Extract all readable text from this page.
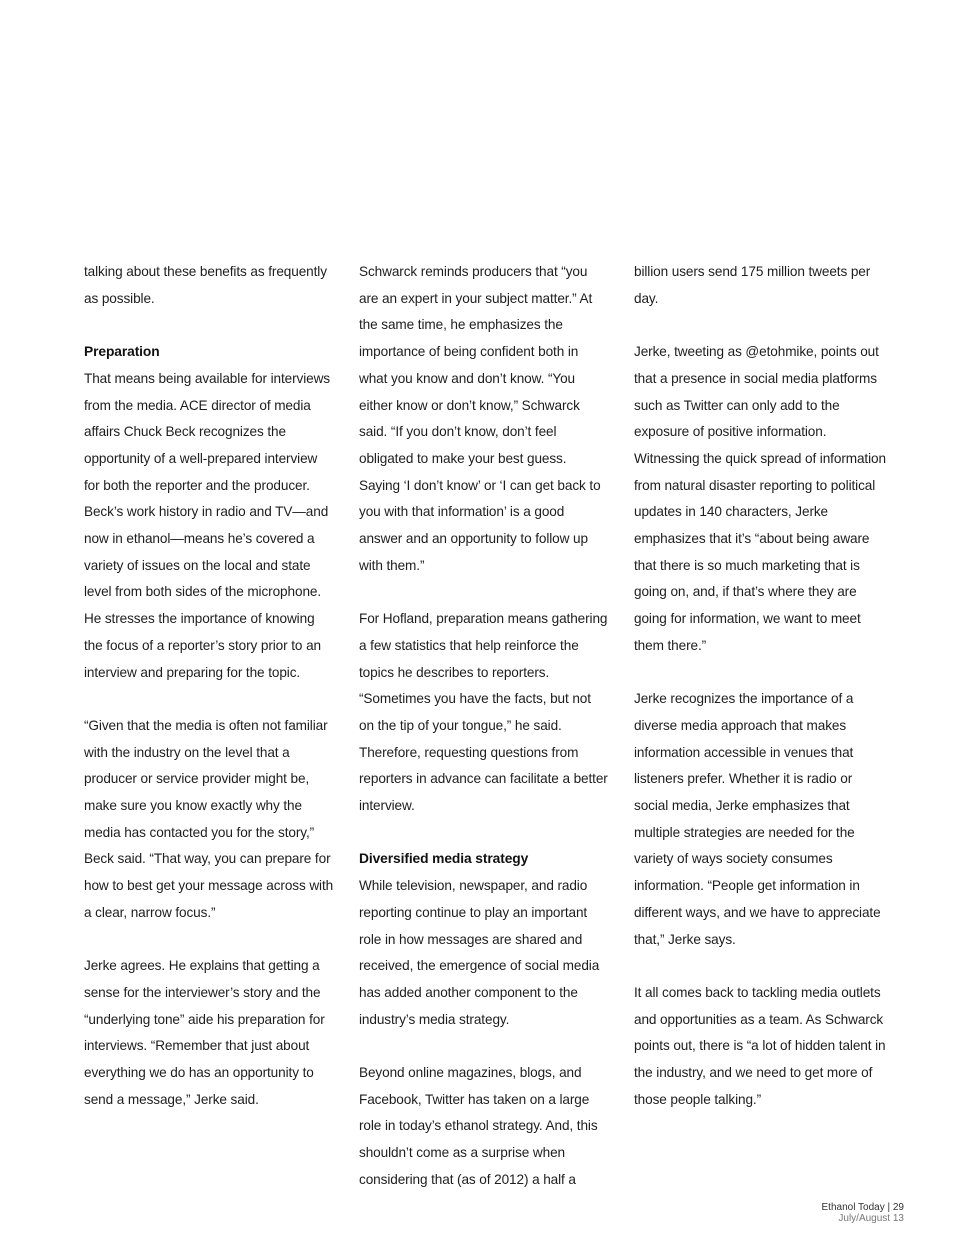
talking about these benefits as frequently as possible.

Preparation

That means being available for interviews from the media. ACE director of media affairs Chuck Beck recognizes the opportunity of a well-prepared interview for both the reporter and the producer. Beck’s work history in radio and TV—and now in ethanol—means he’s covered a variety of issues on the local and state level from both sides of the microphone. He stresses the importance of knowing the focus of a reporter’s story prior to an interview and preparing for the topic.

“Given that the media is often not familiar with the industry on the level that a producer or service provider might be, make sure you know exactly why the media has contacted you for the story,” Beck said. “That way, you can prepare for how to best get your message across with a clear, narrow focus.”

Jerke agrees. He explains that getting a sense for the interviewer’s story and the “underlying tone” aide his preparation for interviews. “Remember that just about everything we do has an opportunity to send a message,” Jerke said.

Schwarck reminds producers that “you are an expert in your subject matter.” At the same time, he emphasizes the importance of being confident both in what you know and don’t know. “You either know or don’t know,” Schwarck said. “If you don’t know, don’t feel obligated to make your best guess. Saying ‘I don’t know’ or ‘I can get back to you with that information’ is a good answer and an opportunity to follow up with them.”

For Hofland, preparation means gathering a few statistics that help reinforce the topics he describes to reporters. “Sometimes you have the facts, but not on the tip of your tongue,” he said. Therefore, requesting questions from reporters in advance can facilitate a better interview.

Diversified media strategy

While television, newspaper, and radio reporting continue to play an important role in how messages are shared and received, the emergence of social media has added another component to the industry’s media strategy.

Beyond online magazines, blogs, and Facebook, Twitter has taken on a large role in today’s ethanol strategy. And, this shouldn’t come as a surprise when considering that (as of 2012) a half a

billion users send 175 million tweets per day.

Jerke, tweeting as @etohmike, points out that a presence in social media platforms such as Twitter can only add to the exposure of positive information. Witnessing the quick spread of information from natural disaster reporting to political updates in 140 characters, Jerke emphasizes that it’s “about being aware that there is so much marketing that is going on, and, if that’s where they are going for information, we want to meet them there.”

Jerke recognizes the importance of a diverse media approach that makes information accessible in venues that listeners prefer. Whether it is radio or social media, Jerke emphasizes that multiple strategies are needed for the variety of ways society consumes information. “People get information in different ways, and we have to appreciate that,” Jerke says.

It all comes back to tackling media outlets and opportunities as a team. As Schwarck points out, there is “a lot of hidden talent in the industry, and we need to get more of those people talking.”

Ethanol Today | 29
July/August 13
